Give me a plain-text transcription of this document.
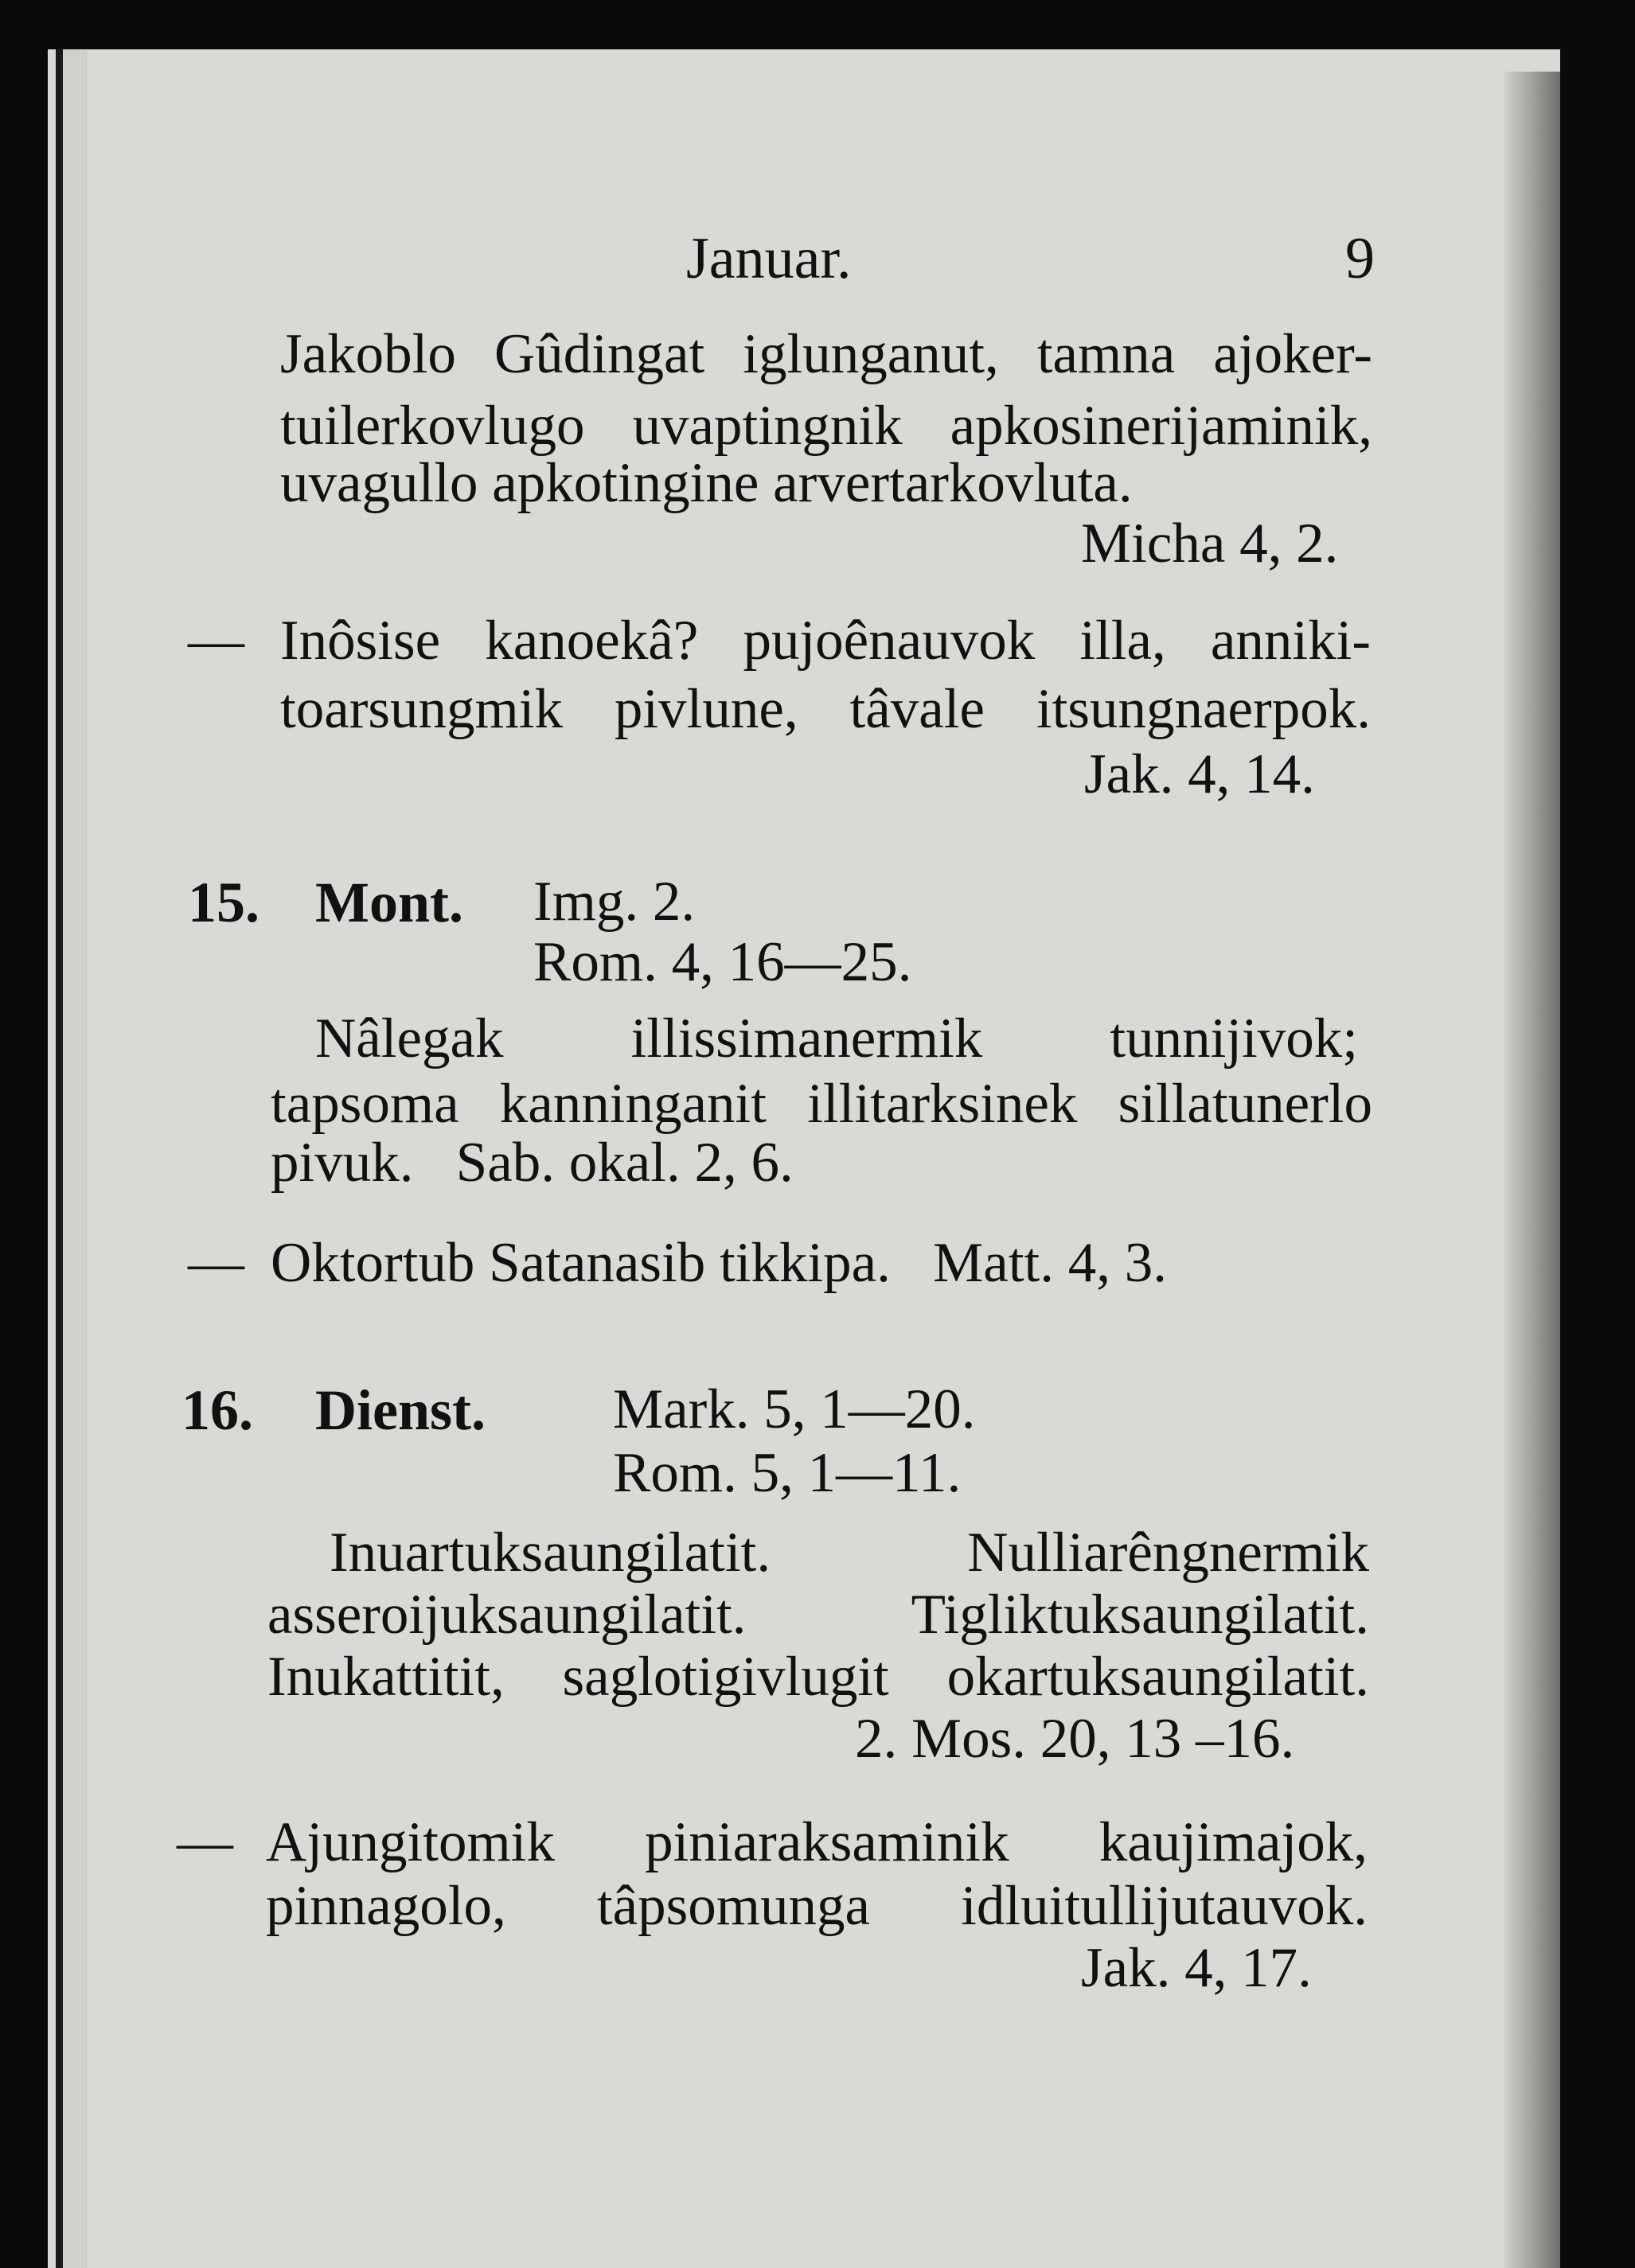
Januar.	9
Jakoblo Gûdingat iglunganut, tamna ajoker-
tuilerkovlugo uvaptingnik apkosinerijaminik,
uvagullo apkotingine arvertarkovluta.
Micha 4, 2.
— Inôsise kanoekâ? pujoênauvok illa, anniki-
toarsungmik pivlune, tâvale itsungnaerpok.
Jak. 4, 14.
15. Mont. Img. 2.
Rom. 4, 16—25.
Nâlegak illissimanermik tunnijivok;
tapsoma kanninganit illitarksinek sillatunerlo
pivuk.   Sab. okal. 2, 6.
— Oktortub Satanasib tikkipa.   Matt. 4, 3.
16. Dienst. Mark. 5, 1—20.
Rom. 5, 1—11.
Inuartuksaungilatit.	Nulliarêngnermik
asseroijuksaungilatit.	Tigliktuksaungilatit.
Inukattitit, saglotigivlugit okartuksaungilatit.
2. Mos. 20, 13 –16.
— Ajungitomik piniaraksaminik kaujimajok,
pinnagolo, tâpsomunga idluitullijutauvok.
Jak. 4, 17.
